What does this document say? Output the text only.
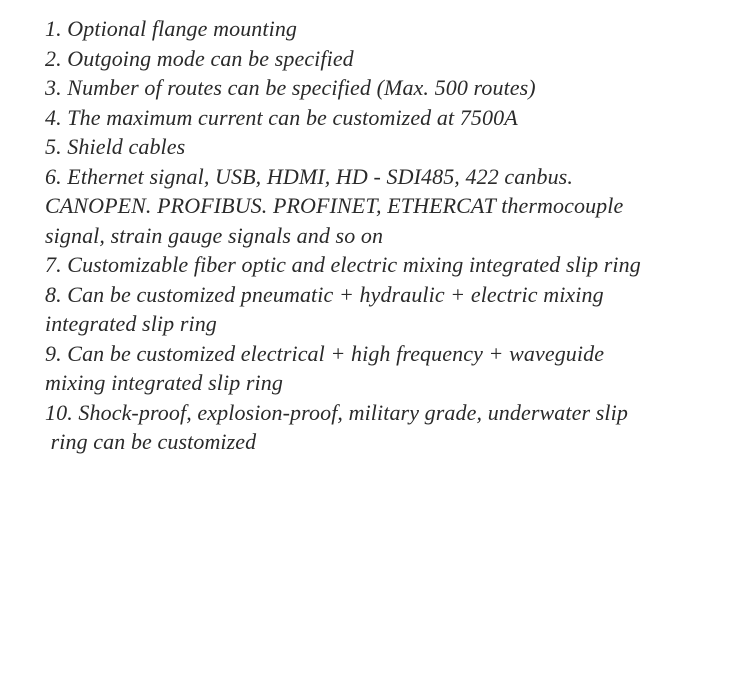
1. Optional flange mounting
2. Outgoing mode can be specified
3. Number of routes can be specified (Max. 500 routes)
4. The maximum current can be customized at 7500A
5. Shield cables
6. Ethernet signal, USB, HDMI, HD - SDI485, 422 canbus.
CANOPEN. PROFIBUS. PROFINET, ETHERCAT thermocouple
signal, strain gauge signals and so on
7. Customizable fiber optic and electric mixing integrated slip ring
8. Can be customized pneumatic + hydraulic + electric mixing
integrated slip ring
9. Can be customized electrical + high frequency + waveguide
mixing integrated slip ring
10. Shock-proof, explosion-proof, military grade, underwater slip
ring can be customized
